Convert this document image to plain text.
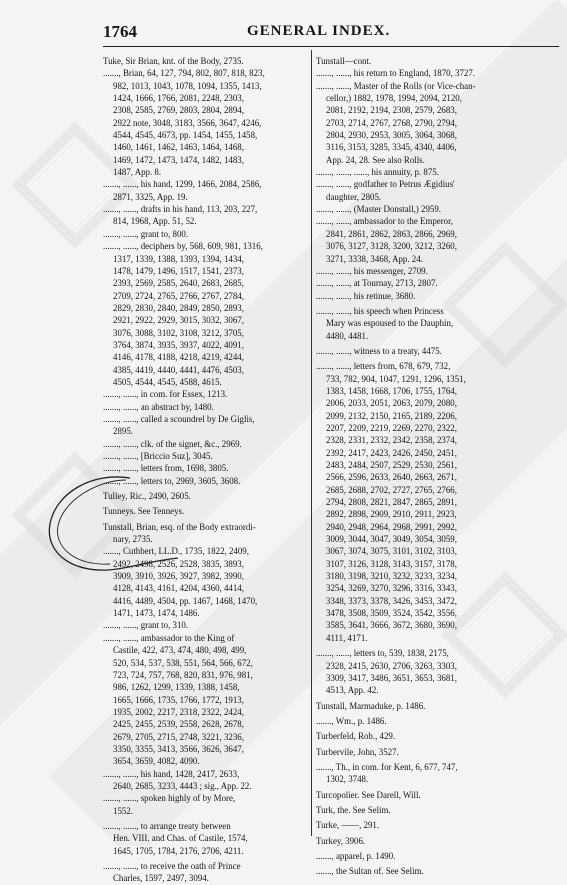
1764	GENERAL INDEX.
Tuke, Sir Brian, knt. of the Body, 2735.
......., Brian, 64, 127, 794, 802, 807, 818, 823,
982, 1013, 1043, 1078, 1094, 1355, 1413,
1424, 1666, 1766, 2081, 2248, 2303,
2308, 2585, 2769, 2803, 2804, 2894,
2922 note, 3048, 3183, 3566, 3647, 4246,
4544, 4545, 4673, pp. 1454, 1455, 1458,
1460, 1461, 1462, 1463, 1464, 1468,
1469, 1472, 1473, 1474, 1482, 1483,
1487, App. 8.
......., ......, his hand, 1299, 1466, 2084, 2586,
2871, 3325, App. 19.
......., ......, drafts in his hand, 113, 203, 227,
814, 1968, App. 51, 52.
......., ......, grant to, 800.
......., ......, deciphers by, 568, 609, 981, 1316,
1317, 1339, 1388, 1393, 1394, 1434,
1478, 1479, 1496, 1517, 1541, 2373,
2393, 2569, 2585, 2640, 2683, 2685,
2709, 2724, 2765, 2766, 2767, 2784,
2829, 2830, 2840, 2849, 2850, 2893,
2921, 2922, 2929, 3015, 3032, 3067,
3076, 3088, 3102, 3108, 3212, 3705,
3764, 3874, 3935, 3937, 4022, 4091,
4146, 4178, 4188, 4218, 4219, 4244,
4385, 4419, 4440, 4441, 4476, 4503,
4505, 4544, 4545, 4588, 4615.
......., ......, in com. for Essex, 1213.
......., ......, an abstract by, 1480.
......., ......, called a scoundrel by De Giglis,
2895.
......., ......, clk. of the signet, &c., 2969.
......., ......, [Briccio Suz], 3045.
......., ......, letters from, 1698, 3805.
......., ......, letters to, 2969, 3605, 3608.
Tulley, Ric., 2490, 2605.
Tunneys. See Tenneys.
Tunstall, Brian, esq. of the Body extraordi-
nary, 2735.
......., Cuthbert, LL.D., 1735, 1822, 2409,
2492, 2498, 2526, 2528, 3835, 3893,
3909, 3910, 3926, 3927, 3982, 3990,
4128, 4143, 4161, 4204, 4360, 4414,
4416, 4489, 4504, pp. 1467, 1468, 1470,
1471, 1473, 1474, 1486.
......., ......, grant to, 310.
......., ......, ambassador to the King of
Castile, 422, 473, 474, 480, 498, 499,
520, 534, 537, 538, 551, 564, 566, 672,
723, 724, 757, 768, 820, 831, 976, 981,
986, 1262, 1299, 1339, 1388, 1458,
1665, 1666, 1735, 1766, 1772, 1913,
1935, 2002, 2217, 2318, 2322, 2424,
2425, 2455, 2539, 2558, 2628, 2678,
2679, 2705, 2715, 2748, 3221, 3236,
3350, 3355, 3413, 3566, 3626, 3647,
3654, 3659, 4082, 4090.
......., ......, his hand, 1428, 2417, 2633,
2640, 2685, 3233, 4443 ; sig., App. 22.
......., ......, spoken highly of by More,
1552.
......., ......, to arrange treaty between
Hen. VIII. and Chas. of Castile, 1574,
1645, 1705, 1784, 2176, 2706, 4211.
......., ......, to receive the oath of Prince
Charles, 1597, 2497, 3094.
Tunstall—cont.
......., ......, his return to England, 1870, 3727.
......., ......, Master of the Rolls (or Vice-chan-
cellor,) 1882, 1978, 1994, 2094, 2120,
2081, 2192, 2194, 2308, 2579, 2683,
2703, 2714, 2767, 2768, 2790, 2794,
2804, 2930, 2953, 3005, 3064, 3068,
3116, 3153, 3285, 3345, 4340, 4406,
App. 24, 28. See also Rolls.
......., ......, ......, his annuity, p. 875.
......., ......, godfather to Petrus Ægidius'
daughter, 2805.
......., ......, (Master Donstall,) 2959.
......., ......, ambassador to the Emperor,
2841, 2861, 2862, 2863, 2866, 2969,
3076, 3127, 3128, 3200, 3212, 3260,
3271, 3338, 3468, App. 24.
......., ......, his messenger, 2709.
......., ......, at Tournay, 2713, 2807.
......., ......, his retinue, 3680.
......., ......, his speech when Princess
Mary was espoused to the Dauphin,
4480, 4481.
......., ......, witness to a treaty, 4475.
......., ......, letters from, 678, 679, 732,
733, 782, 904, 1047, 1291, 1296, 1351,
1383, 1458, 1668, 1706, 1755, 1764,
2006, 2033, 2051, 2063, 2079, 2080,
2099, 2132, 2150, 2165, 2189, 2206,
2207, 2209, 2219, 2269, 2270, 2322,
2328, 2331, 2332, 2342, 2358, 2374,
2392, 2417, 2423, 2426, 2450, 2451,
2483, 2484, 2507, 2529, 2530, 2561,
2566, 2596, 2633, 2640, 2663, 2671,
2685, 2688, 2702, 2727, 2765, 2766,
2794, 2808, 2821, 2847, 2865, 2891,
2892, 2898, 2909, 2910, 2911, 2923,
2940, 2948, 2964, 2968, 2991, 2992,
3009, 3044, 3047, 3049, 3054, 3059,
3067, 3074, 3075, 3101, 3102, 3103,
3107, 3126, 3128, 3143, 3157, 3178,
3180, 3198, 3210, 3232, 3233, 3234,
3254, 3269, 3270, 3296, 3316, 3343,
3348, 3373, 3378, 3426, 3453, 3472,
3478, 3508, 3509, 3524, 3542, 3556,
3585, 3641, 3666, 3672, 3680, 3690,
4111, 4171.
......., ......, letters to, 539, 1838, 2175,
2328, 2415, 2630, 2706, 3263, 3303,
3309, 3417, 3486, 3651, 3653, 3681,
4513, App. 42.
Tunstall, Marmaduke, p. 1486.
......., Wm., p. 1486.
Turberfeld, Rob., 429.
Turbervile, John, 3527.
......., Th., in com. for Kent, 6, 677, 747,
1302, 3748.
Turcopolier. See Darell, Will.
Turk, the. See Selim.
Turke, ——, 291.
Turkey, 3906.
......., apparel, p. 1490.
......., the Sultan of. See Selim.
